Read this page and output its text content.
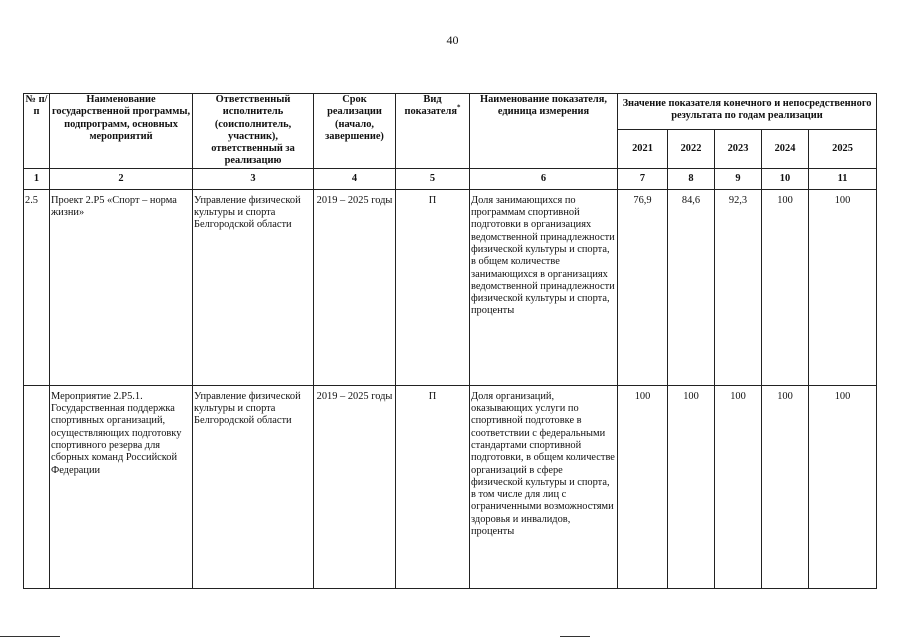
40
№ п/п	Наименование государственной программы, подпрограмм, основных мероприятий	Ответственный исполнитель (соисполнитель, участник), ответственный за реализацию	Срок реализации (начало, завершение)	Вид показателя*	Наименование показателя, единица измерения	Значение показателя конечного и непосредственного результата по годам реализации				
						2021	2022	2023	2024	2025
1	2	3	4	5	6	7	8	9	10	11
2.5	Проект 2.Р5 «Спорт – норма жизни»	Управление физической культуры и спорта Белгородской области	2019 – 2025 годы	П	Доля занимающихся по программам спортивной подготовки в организациях ведомственной принадлежности физической культуры и спорта, в общем количестве занимающихся в организациях ведомственной принадлежности физической культуры и спорта, проценты	76,9	84,6	92,3	100	100
	Мероприятие 2.Р5.1. Государственная поддержка спортивных организаций, осуществляющих подготовку спортивного резерва для сборных команд Российской Федерации	Управление физической культуры и спорта Белгородской области	2019 – 2025 годы	П	Доля организаций, оказывающих услуги по спортивной подготовке в соответствии с федеральными стандартами спортивной подготовки, в общем количестве организаций в сфере физической культуры и спорта, в том числе для лиц с ограниченными возможностями здоровья и инвалидов, проценты	100	100	100	100	100
